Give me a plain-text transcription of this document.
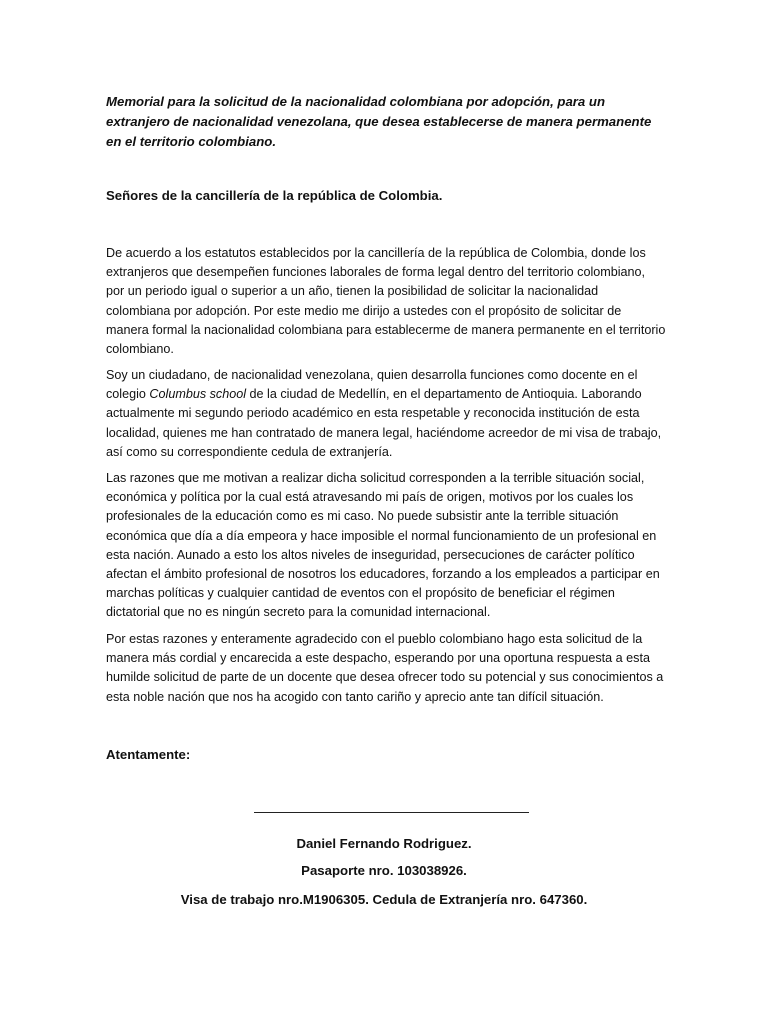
Memorial para la solicitud de la nacionalidad colombiana por adopción, para un extranjero de nacionalidad venezolana, que desea establecerse de manera permanente en el territorio colombiano.
Señores de la cancillería de la república de Colombia.

De acuerdo a los estatutos establecidos por la cancillería de la república de Colombia, donde los extranjeros que desempeñen funciones laborales de forma legal dentro del territorio colombiano, por un periodo igual o superior a un año, tienen la posibilidad de solicitar la nacionalidad colombiana por adopción. Por este medio me dirijo a ustedes con el propósito de solicitar de manera formal la nacionalidad colombiana para establecerme de manera permanente en el territorio colombiano.

Soy un ciudadano, de nacionalidad venezolana, quien desarrolla funciones como docente en el colegio Columbus school de la ciudad de Medellín, en el departamento de Antioquia. Laborando actualmente mi segundo periodo académico en esta respetable y reconocida institución de esta localidad, quienes me han contratado de manera legal, haciéndome acreedor de mi visa de trabajo, así como su correspondiente cedula de extranjería.

Las razones que me motivan a realizar dicha solicitud corresponden a la terrible situación social, económica y política por la cual está atravesando mi país de origen, motivos por los cuales los profesionales de la educación como es mi caso. No puede subsistir ante la terrible situación económica que día a día empeora y hace imposible el normal funcionamiento de un profesional en esta nación. Aunado a esto los altos niveles de inseguridad, persecuciones de carácter político afectan el ámbito profesional de nosotros los educadores, forzando a los empleados a participar en marchas políticas y cualquier cantidad de eventos con el propósito de beneficiar el régimen dictatorial que no es ningún secreto para la comunidad internacional.

Por estas razones y enteramente agradecido con el pueblo colombiano hago esta solicitud de la manera más cordial y encarecida a este despacho, esperando por una oportuna respuesta a esta humilde solicitud de parte de un docente que desea ofrecer todo su potencial y sus conocimientos a esta noble nación que nos ha acogido con tanto cariño y aprecio ante tan difícil situación.

Atentamente:
Daniel Fernando Rodriguez.
Pasaporte nro. 103038926.
Visa de trabajo nro.M1906305. Cedula de Extranjería nro. 647360.
